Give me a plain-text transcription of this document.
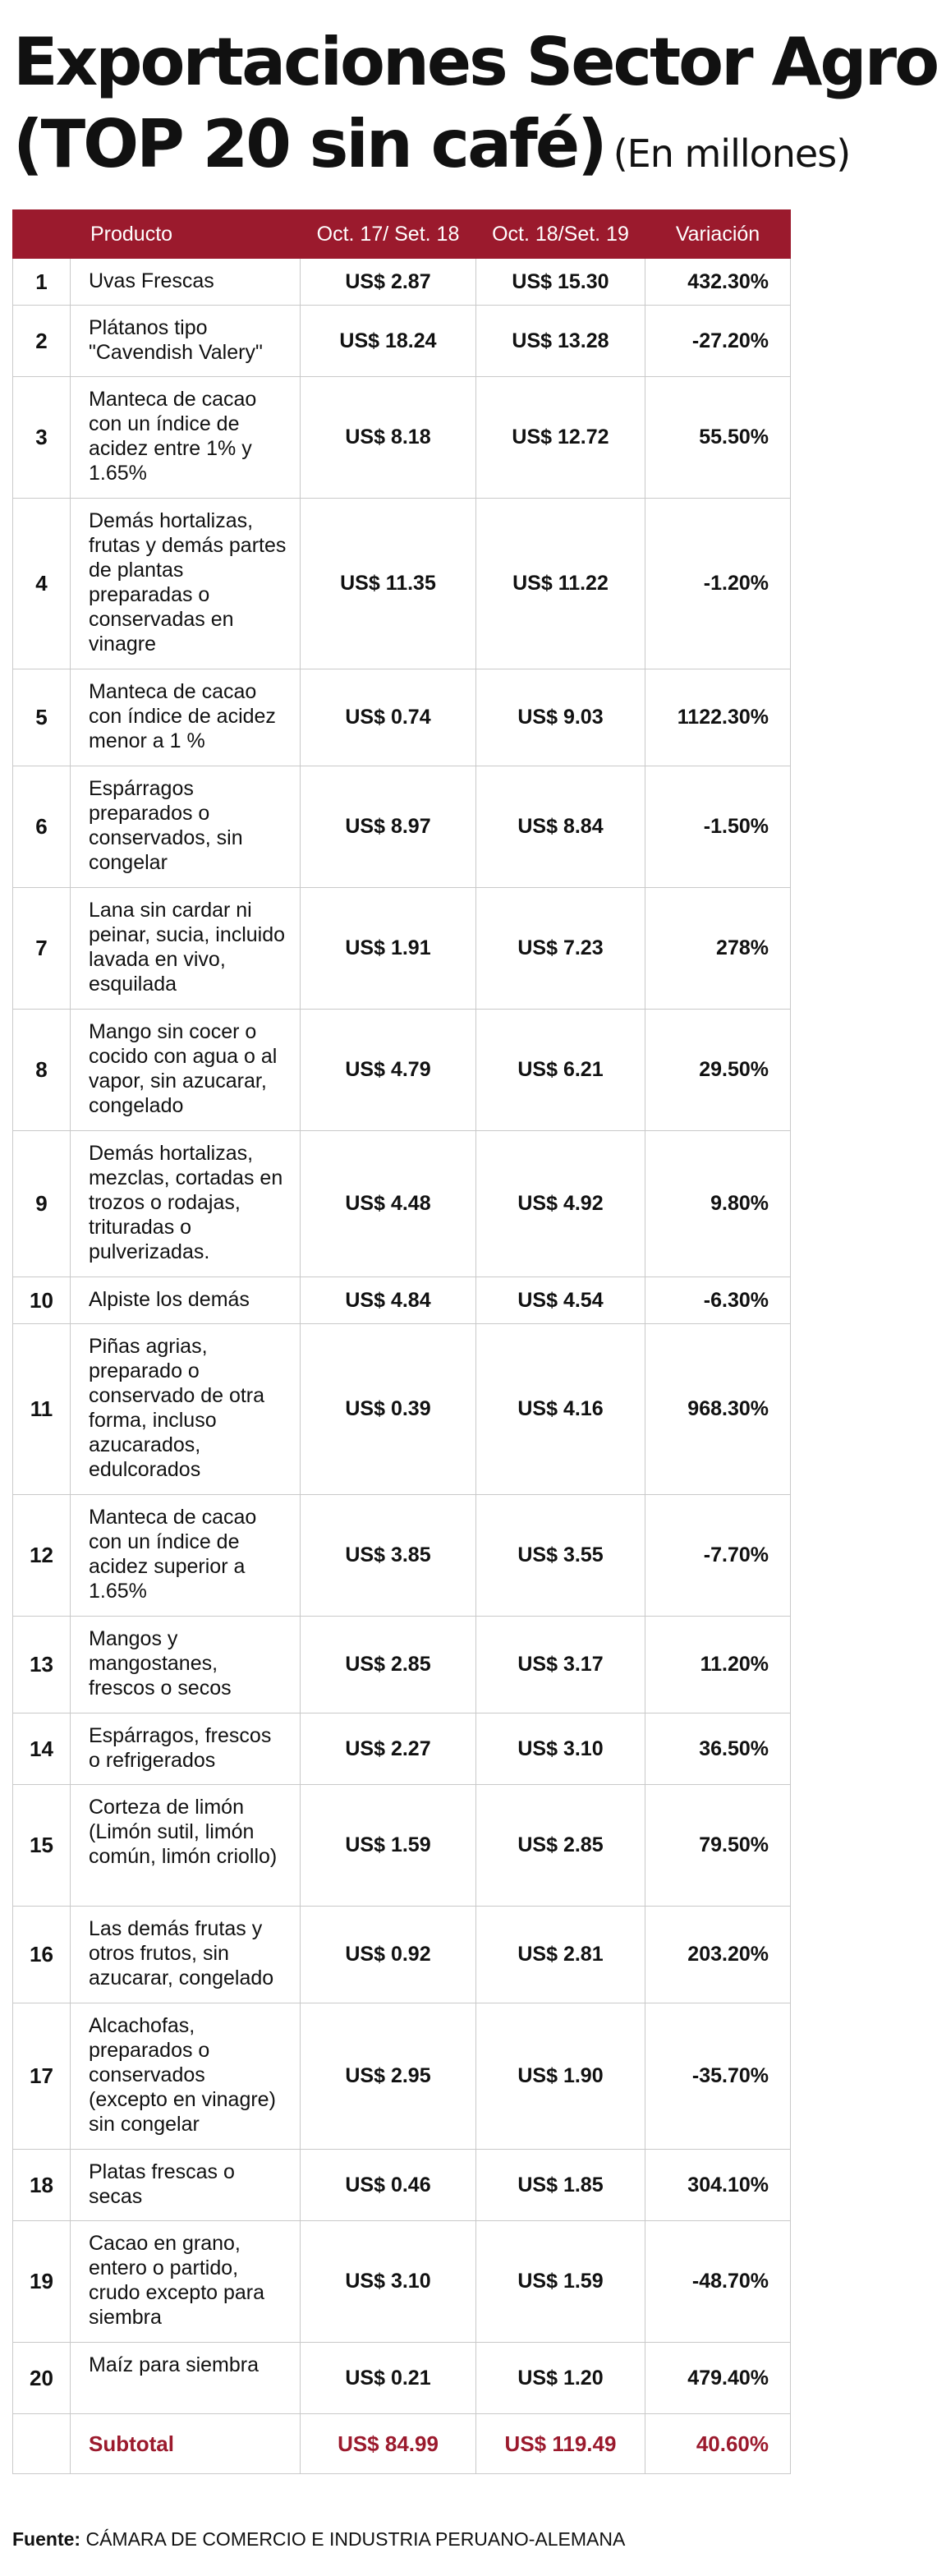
Exportaciones Sector Agro
(TOP 20 sin café) (En millones)
	Producto	Oct. 17/ Set. 18	Oct. 18/Set. 19	Variación
1	Uvas Frescas	US$ 2.87	US$ 15.30	432.30%
2	Plátanos tipo "Cavendish Valery"	US$ 18.24	US$ 13.28	-27.20%
3	Manteca de cacao con un índice de acidez entre 1% y 1.65%	US$ 8.18	US$ 12.72	55.50%
4	Demás hortalizas, frutas y demás partes de plantas preparadas o conservadas en vinagre	US$ 11.35	US$ 11.22	-1.20%
5	Manteca de cacao con índice de acidez menor a 1 %	US$ 0.74	US$ 9.03	1122.30%
6	Espárragos preparados o conservados, sin congelar	US$ 8.97	US$ 8.84	-1.50%
7	Lana sin cardar ni peinar, sucia, incluido lavada en vivo, esquilada	US$ 1.91	US$ 7.23	278%
8	Mango sin cocer o cocido con agua o al vapor, sin azucarar, congelado	US$ 4.79	US$ 6.21	29.50%
9	Demás hortalizas, mezclas, cortadas en trozos o rodajas, trituradas o pulverizadas.	US$ 4.48	US$ 4.92	9.80%
10	Alpiste los demás	US$ 4.84	US$ 4.54	-6.30%
11	Piñas agrias, preparado o conservado de otra forma, incluso azucarados, edulcorados	US$ 0.39	US$ 4.16	968.30%
12	Manteca de cacao con un índice de acidez superior a 1.65%	US$ 3.85	US$ 3.55	-7.70%
13	Mangos y mangostanes, frescos o secos	US$ 2.85	US$ 3.17	11.20%
14	Espárragos, frescos o refrigerados	US$ 2.27	US$ 3.10	36.50%
15	Corteza de limón (Limón sutil, limón común, limón criollo)	US$ 1.59	US$ 2.85	79.50%
16	Las demás frutas y otros frutos, sin azucarar, congelado	US$ 0.92	US$ 2.81	203.20%
17	Alcachofas, preparados o conservados (excepto en vinagre) sin congelar	US$ 2.95	US$ 1.90	-35.70%
18	Platas frescas o secas	US$ 0.46	US$ 1.85	304.10%
19	Cacao en grano, entero o partido, crudo excepto para siembra	US$ 3.10	US$ 1.59	-48.70%
20	Maíz para siembra	US$ 0.21	US$ 1.20	479.40%
	Subtotal	US$ 84.99	US$ 119.49	40.60%
Fuente: CÁMARA DE COMERCIO E INDUSTRIA PERUANO-ALEMANA
